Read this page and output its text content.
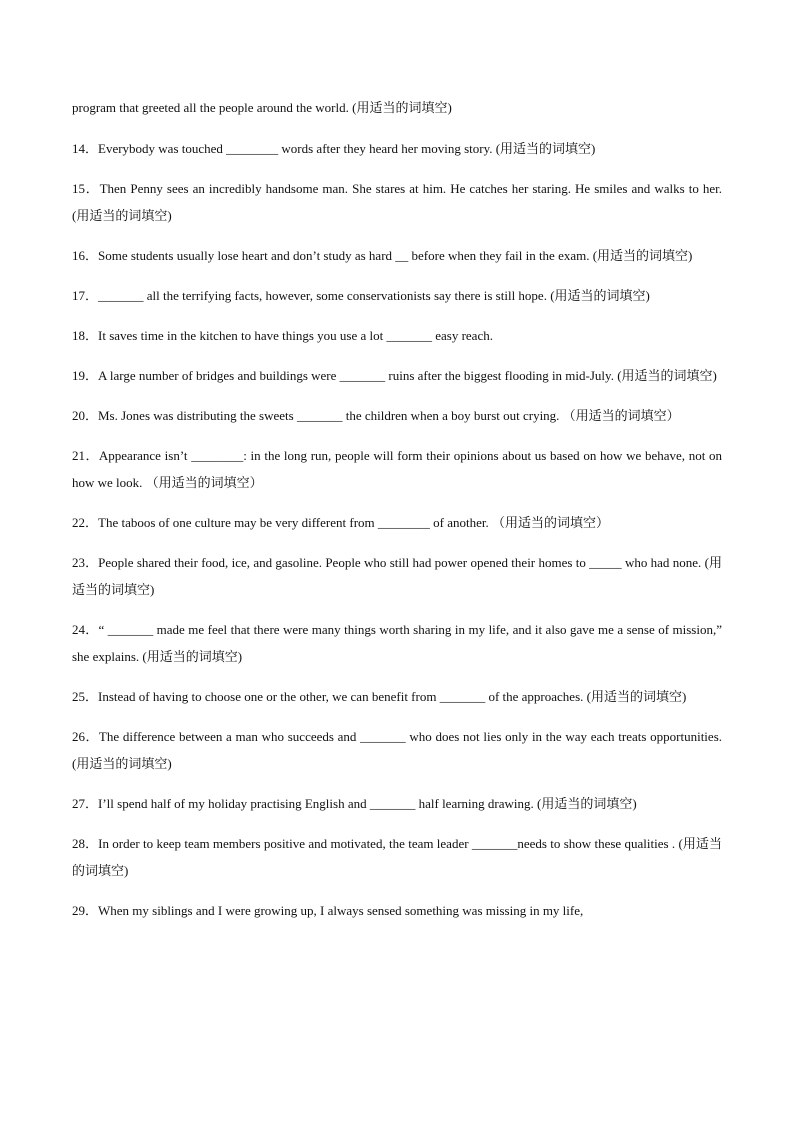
program that greeted all the people around the world. (用适当的词填空)

14．Everybody was touched ________ words after they heard her moving story. (用适当的词填空)

15．Then Penny sees an incredibly handsome man. She stares at him. He catches her staring. He smiles and walks to her. (用适当的词填空)

16．Some students usually lose heart and don’t study as hard __ before when they fail in the exam. (用适当的词填空)

17．_______ all the terrifying facts, however, some conservationists say there is still hope. (用适当的词填空)

18．It saves time in the kitchen to have things you use a lot _______ easy reach.

19．A large number of bridges and buildings were _______ ruins after the biggest flooding in mid-July. (用适当的词填空)

20．Ms. Jones was distributing the sweets _______ the children when a boy burst out crying. （用适当的词填空）

21．Appearance isn’t ________: in the long run, people will form their opinions about us based on how we behave, not on how we look. （用适当的词填空）

22．The taboos of one culture may be very different from ________ of another. （用适当的词填空）

23．People shared their food, ice, and gasoline. People who still had power opened their homes to _____ who had none. (用适当的词填空)

24．“ _______ made me feel that there were many things worth sharing in my life, and it also gave me a sense of mission,” she explains. (用适当的词填空)

25．Instead of having to choose one or the other, we can benefit from _______ of the approaches. (用适当的词填空)

26．The difference between a man who succeeds and _______ who does not lies only in the way each treats opportunities. (用适当的词填空)

27．I’ll spend half of my holiday practising English and _______ half learning drawing. (用适当的词填空)

28．In order to keep team members positive and motivated, the team leader _______needs to show these qualities . (用适当的词填空)

29．When my siblings and I were growing up, I always sensed something was missing in my life,
